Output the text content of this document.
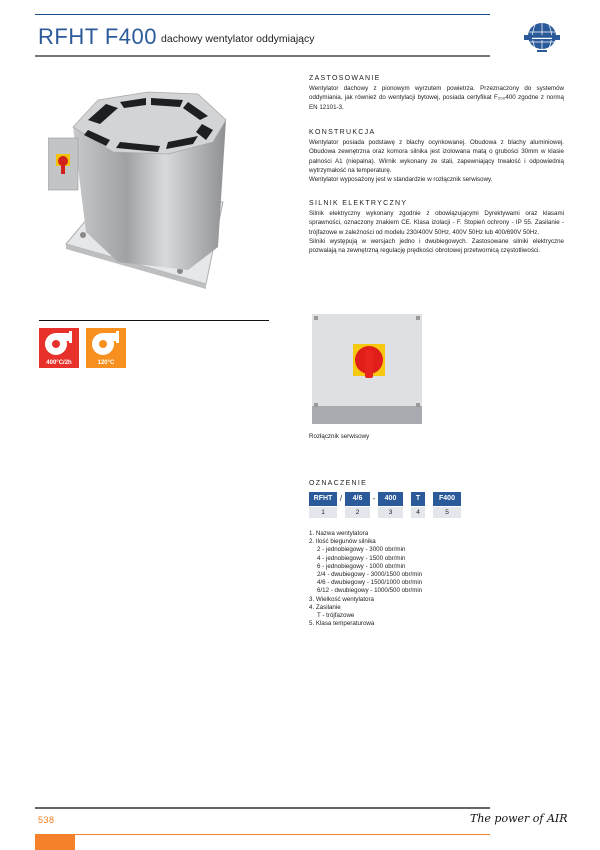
RFHT F400 dachowy wentylator oddymiający	▬▬▬▬▬
ZASTOSOWANIE

Wentylator dachowy z pionowym wyrzutem powietrza. Przeznaczony do systemów oddymiania, jak również do wentylacji bytowej, posiada certyfikat F₂₀₀400 zgodne z normą EN 12101-3.

KONSTRUKCJA

Wentylator posiada podstawę z blachy ocynkowanej. Obudowa z blachy aluminiowej. Obudowa zewnętrzna oraz komora silnika jest izolowana matą o grubości 30mm w klasie palności A1 (niepalna). Wirnik wykonany ze stali, zapewniający trwałość i odpowiednią wytrzymałość na temperaturę.

Wentylator wyposażony jest w standardzie w rozłącznik serwisowy.

SILNIK ELEKTRYCZNY

Silnik elektryczny wykonany zgodnie z obowiązującymi Dyrektywami oraz klasami sprawności, oznaczony znakiem CE. Klasa izolacji - F. Stopień ochrony - IP 55. Zasilanie - trójfazowe w zależności od modelu 230/400V 50Hz, 400V 50Hz lub 400/690V 50Hz.

Silniki występują w wersjach jedno i dwubiegowych. Zastosowane silniki elektryczne pozwalają na zewnętrzną regulację prędkości obrotowej przetwornicą częstotliwości.

400°C/2h	120°C
Rozłącznik serwisowy
OZNACZENIE
RFHT
1
/	4/6
2
-	400
3
T
4
F400
5
1. Nazwa wentylatora
2. Ilość biegunów silnika
2 - jednobiegowy - 3000 obr/min
4 - jednobiegowy - 1500 obr/min
6 - jednobiegowy - 1000 obr/min
2/4 - dwubiegowy - 3000/1500 obr/min
4/6 - dwubiegowy - 1500/1000 obr/min
6/12 - dwubiegowy - 1000/500 obr/min
3. Wielkość wentylatora
4. Zasilanie
T - trójfazowe
5. Klasa temperaturowa
538	The power of AIR
